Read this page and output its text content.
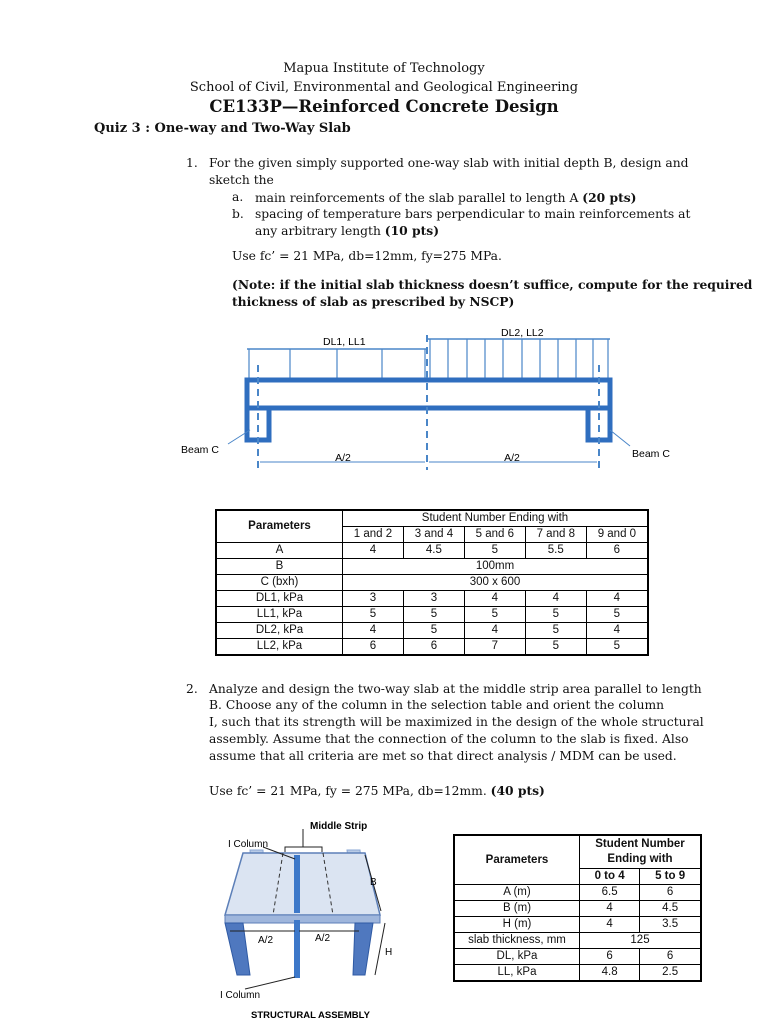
Mapua Institute of Technology
School of Civil, Environmental and Geological Engineering
CE133P—Reinforced Concrete Design
Quiz 3 : One-way and Two-Way Slab
1. For the given simply supported one-way slab with initial depth B, design and
sketch the
a. main reinforcements of the slab parallel to length A (20 pts)
b. spacing of temperature bars perpendicular to main reinforcements at
any arbitrary length (10 pts)
Use fc’ = 21 MPa, db=12mm, fy=275 MPa.
(Note: if the initial slab thickness doesn’t suffice, compute for the required
thickness of slab as prescribed by NSCP)
DL1, LL1
DL2, LL2
Beam C	Beam C
A/2	A/2
Parameters	Student Number Ending with				
	1 and 2	3 and 4	5 and 6	7 and 8	9 and 0
A	4	4.5	5	5.5	6
B	100mm				
C (bxh)	300 x 600				
DL1, kPa	3	3	4	4	4
LL1, kPa	5	5	5	5	5
DL2, kPa	4	5	4	5	4
LL2, kPa	6	6	7	5	5
2. Analyze and design the two-way slab at the middle strip area parallel to length
B. Choose any of the column in the selection table and orient the column
I, such that its strength will be maximized in the design of the whole structural
assembly. Assume that the connection of the column to the slab is fixed. Also
assume that all criteria are met so that direct analysis / MDM can be used.
Use fc’ = 21 MPa, fy = 275 MPa, db=12mm. (40 pts)
Middle Strip
I Column
B
H
A/2	A/2
I Column
STRUCTURAL ASSEMBLY
Parameters	Student Number
Ending with	
	0 to 4	5 to 9
A (m)	6.5	6
B (m)	4	4.5
H (m)	4	3.5
slab thickness, mm	125	
DL, kPa	6	6
LL, kPa	4.8	2.5
